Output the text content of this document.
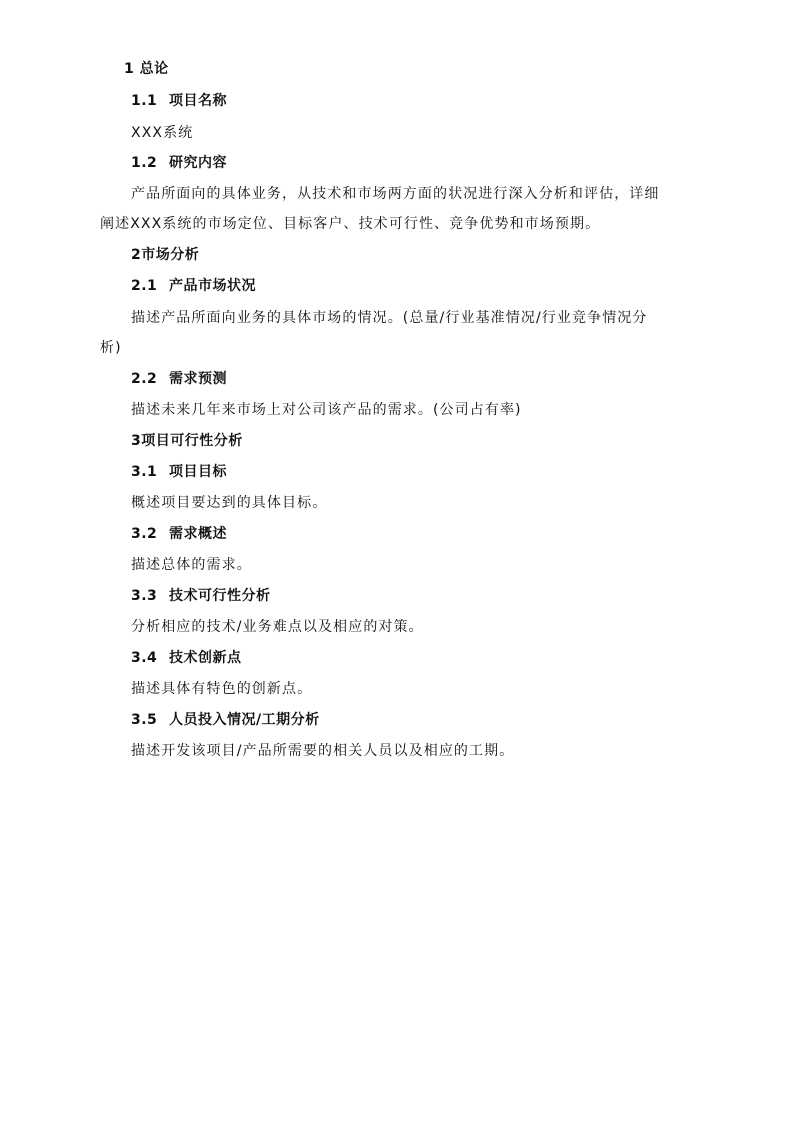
1 总论
1.1 项目名称
XXX系统
1.2 研究内容
产品所面向的具体业务，从技术和市场两方面的状况进行深入分析和评估，详细
阐述XXX系统的市场定位、目标客户、技术可行性、竞争优势和市场预期。
2市场分析
2.1 产品市场状况
描述产品所面向业务的具体市场的情况。(总量/行业基准情况/行业竞争情况分
析)
2.2 需求预测
描述未来几年来市场上对公司该产品的需求。(公司占有率)
3项目可行性分析
3.1 项目目标
概述项目要达到的具体目标。
3.2 需求概述
描述总体的需求。
3.3 技术可行性分析
分析相应的技术/业务难点以及相应的对策。
3.4 技术创新点
描述具体有特色的创新点。
3.5 人员投入情况/工期分析
描述开发该项目/产品所需要的相关人员以及相应的工期。
